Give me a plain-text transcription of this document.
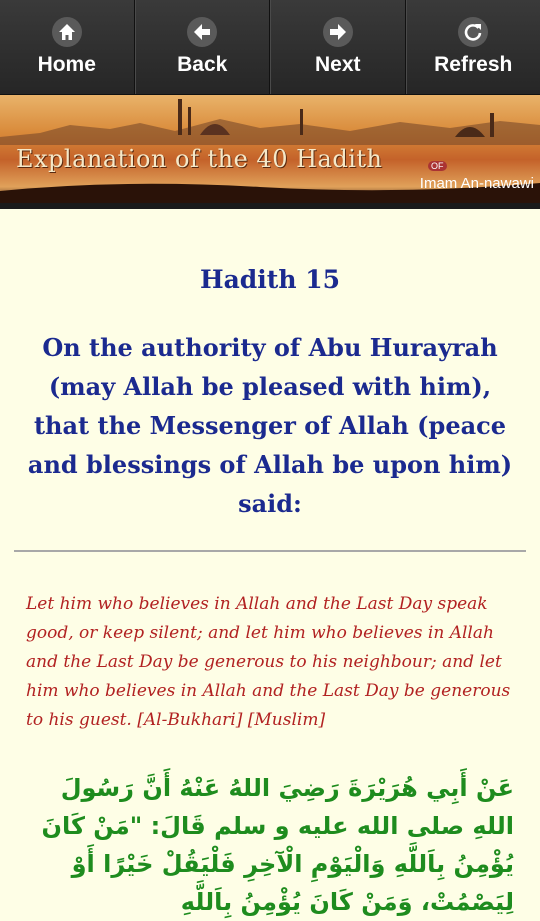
Home	Back	Next	Refresh
Explanation of the 40 Hadith	OF
Imam An-nawawi
Hadith 15
On the authority of Abu Hurayrah (may Allah be pleased with him), that the Messenger of Allah (peace and blessings of Allah be upon him) said:
Let him who believes in Allah and the Last Day speak good, or keep silent; and let him who believes in Allah and the Last Day be generous to his neighbour; and let him who believes in Allah and the Last Day be generous to his guest. [Al-Bukhari] [Muslim]
عَنْ أَبِي هُرَيْرَةَ رَضِيَ اللهُ عَنْهُ أَنَّ رَسُولَ اللهِ صلى الله عليه و سلم قَالَ: "مَنْ كَانَ يُؤْمِنُ بِاَللَّهِ وَالْيَوْمِ الْآخِرِ فَلْيَقُلْ خَيْرًا أَوْ لِيَصْمُتْ، وَمَنْ كَانَ يُؤْمِنُ بِاَللَّهِ
